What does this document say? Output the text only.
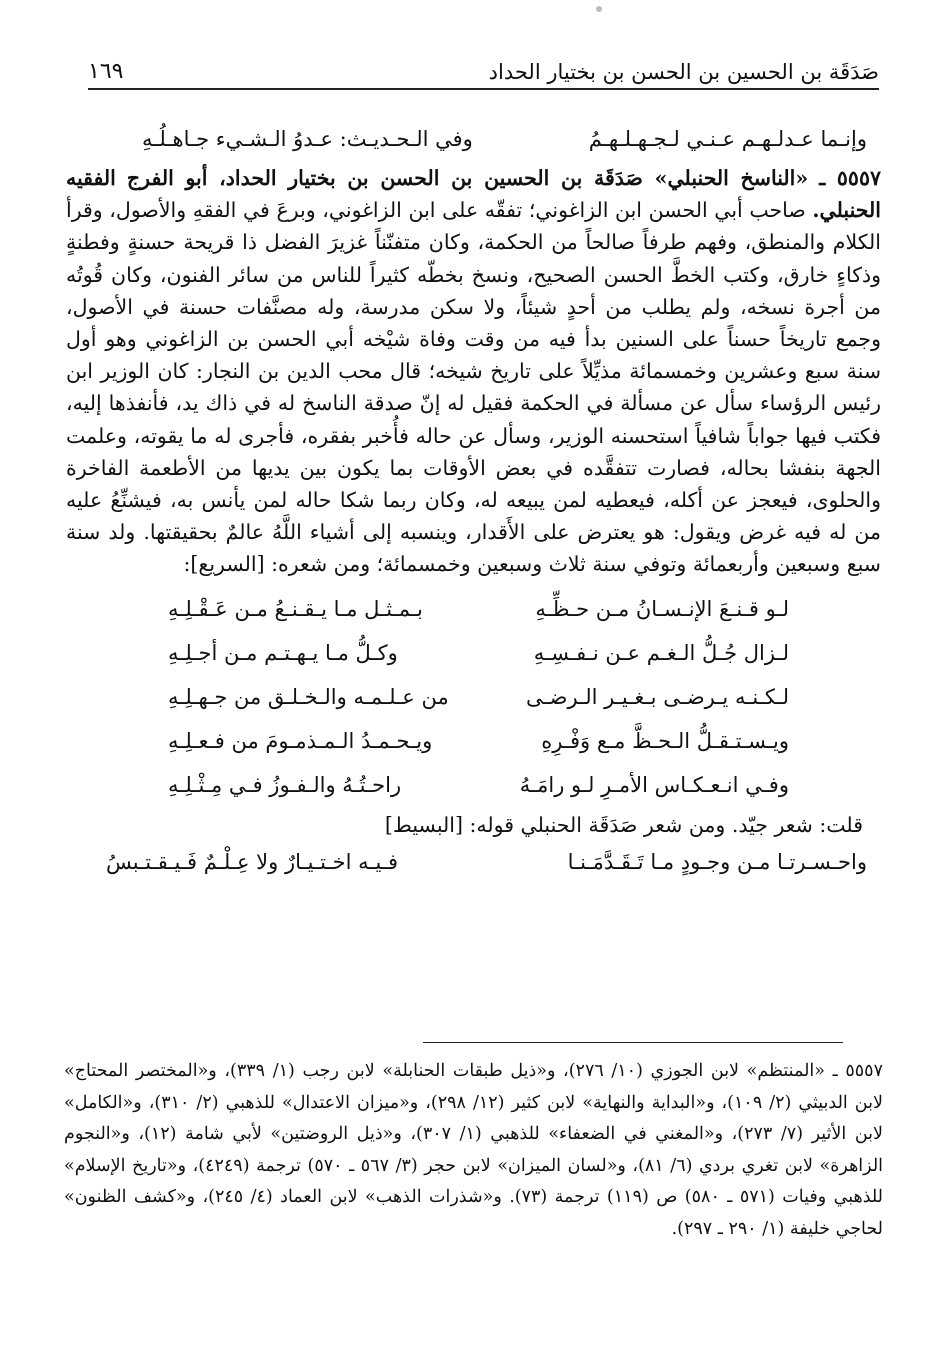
صَدَقَة بن الحسين بن الحسن بن بختيار الحداد
١٦٩
وإنـما عـدلـهـم عـنـي لـجـهـلـهـمُ
وفي الـحـديـث: عـدوُ الـشـيء جـاهـلُـهِ

٥٥٥٧ ـ «الناسخ الحنبلي» صَدَقَة بن الحسين بن الحسن بن بختيار الحداد، أبو الفرج الفقيه الحنبلي. صاحب أبي الحسن ابن الزاغوني؛ تفقّه على ابن الزاغوني، وبرعَ في الفقهِ والأصول، وقرأ الكلام والمنطق، وفهم طرفاً صالحاً من الحكمة، وكان متفنّناً غزيرَ الفضل ذا قريحة حسنةٍ وفطنةٍ وذكاءٍ خارق، وكتب الخطَّ الحسن الصحيح، ونسخ بخطّه كثيراً للناس من سائر الفنون، وكان قُوتُه من أجرة نسخه، ولم يطلب من أحدٍ شيئاً، ولا سكن مدرسة، وله مصنَّفات حسنة في الأصول، وجمع تاريخاً حسناً على السنين بدأ فيه من وقت وفاة شيْخه أبي الحسن بن الزاغوني وهو أول سنة سبع وعشرين وخمسمائة مذيِّلاً على تاريخ شيخه؛ قال محب الدين بن النجار: كان الوزير ابن رئيس الرؤساء سأل عن مسألة في الحكمة فقيل له إنّ صدقة الناسخ له في ذاك يد، فأنفذها إليه، فكتب فيها جواباً شافياً استحسنه الوزير، وسأل عن حاله فأُخبر بفقره، فأجرى له ما يقوته، وعلمت الجهة بنفشا بحاله، فصارت تتفقَّده في بعض الأوقات بما يكون بين يديها من الأطعمة الفاخرة والحلوى، فيعجز عن أكله، فيعطيه لمن يبيعه له، وكان ربما شكا حاله لمن يأنس به، فيشنِّعُ عليه من له فيه غرض ويقول: هو يعترض على الأَقدار، وينسبه إلى أشياء اللَّهُ عالمٌ بحقيقتها. ولد سنة سبع وسبعين وأربعمائة وتوفي سنة ثلاث وسبعين وخمسمائة؛ ومن شعره: [السريع]:

لـو قـنـعَ الإنـسـانُ مـن حـظِّـهِ
بـمـثـل مـا يـقـنـعُ مـن عَـقْـلِـهِ
لـزال جُـلُّ الـغـم عـن نـفـسِـهِ
وكـلُّ مـا يـهـتـم مـن أجـلِـهِ
لـكـنـه يـرضـى بـغـيـر الـرضـى
من عـلـمـه والـخـلـق من جـهـلِـهِ
ويـسـتـقـلُّ الـحـظَّ مـع وَفْـرِهِ
ويـحـمـدُ الـمـذمـومَ من فـعـلِـهِ
وفـي انـعـكـاس الأمـرِ لـو رامَـهُ
راحـتُـهُ والـفـوزُ فـي مِـثْـلِـهِ
قلت: شعر جيّد. ومن شعر صَدَقَة الحنبلي قوله: [البسيط]
واحـسـرتـا مـن وجـودٍ مـا تَـقَـدَّمَـنـا
فـيـه اخـتـيـارٌ ولا عِـلْـمٌ فَـيـقـتـبسُ
٥٥٥٧ ـ «المنتظم» لابن الجوزي (١٠/ ٢٧٦)، و«ذيل طبقات الحنابلة» لابن رجب (١/ ٣٣٩)، و«المختصر المحتاج» لابن الدبيثي (٢/ ١٠٩)، و«البداية والنهاية» لابن كثير (١٢/ ٢٩٨)، و«ميزان الاعتدال» للذهبي (٢/ ٣١٠)، و«الكامل» لابن الأثير (٧/ ٢٧٣)، و«المغني في الضعفاء» للذهبي (١/ ٣٠٧)، و«ذيل الروضتين» لأبي شامة (١٢)، و«النجوم الزاهرة» لابن تغري بردي (٦/ ٨١)، و«لسان الميزان» لابن حجر (٣/ ٥٦٧ ـ ٥٧٠) ترجمة (٤٢٤٩)، و«تاريخ الإسلام» للذهبي وفيات (٥٧١ ـ ٥٨٠) ص (١١٩) ترجمة (٧٣). و«شذرات الذهب» لابن العماد (٤/ ٢٤٥)، و«كشف الظنون» لحاجي خليفة (١/ ٢٩٠ ـ ٢٩٧).
